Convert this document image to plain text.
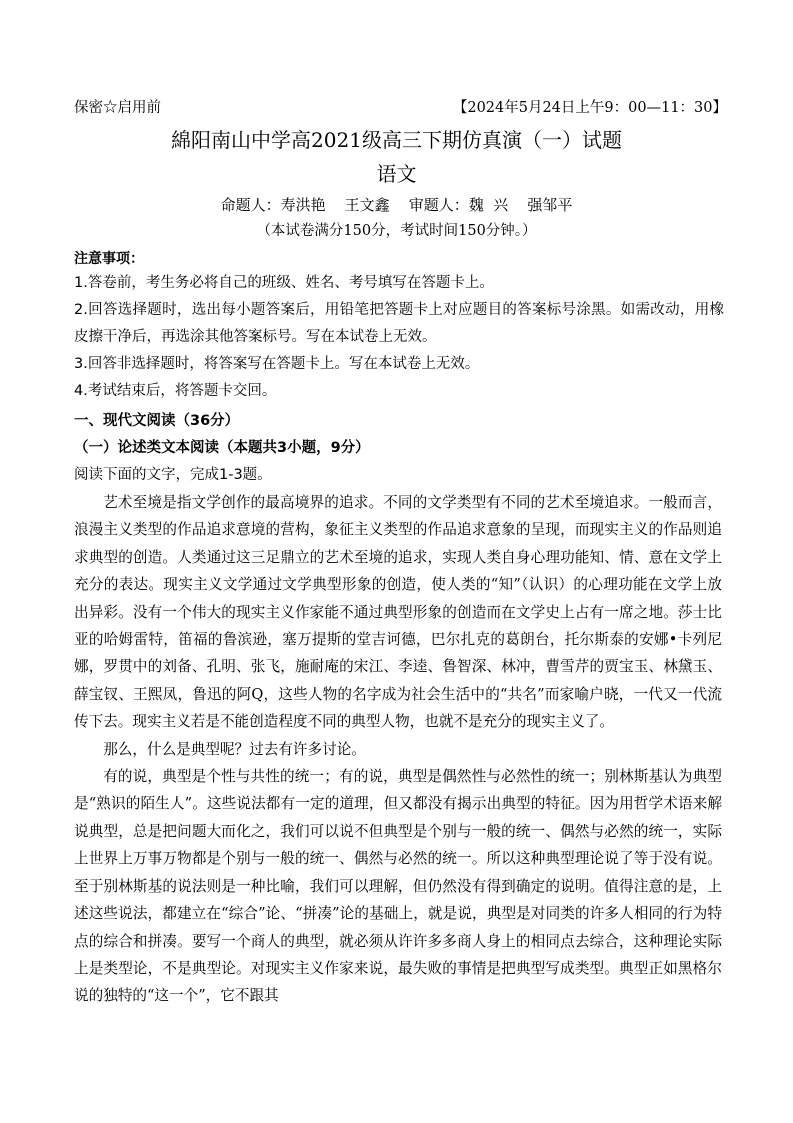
保密☆启用前	【2024年5月24日上午9：00—11：30】
綿阳南山中学高2021级高三下期仿真演（一）试题
语文
命题人：寿洪艳    王文鑫    审题人：魏  兴    强邹平
（本试卷满分150分，考试时间150分钟。）
注意事项：

1.答卷前，考生务必将自己的班级、姓名、考号填写在答题卡上。

2.回答选择题时，选出每小题答案后，用铅笔把答题卡上对应题目的答案标号涂黑。如需改动，用橡皮擦干净后，再选涂其他答案标号。写在本试卷上无效。

3.回答非选择题时，将答案写在答题卡上。写在本试卷上无效。

4.考试结束后，将答题卡交回。

一、现代文阅读（36分）
（一）论述类文本阅读（本题共3小题，9分）
阅读下面的文字，完成1-3题。

艺术至境是指文学创作的最高境界的追求。不同的文学类型有不同的艺术至境追求。一般而言，浪漫主义类型的作品追求意境的营构，象征主义类型的作品追求意象的呈现，而现实主义的作品则追求典型的创造。人类通过这三足鼎立的艺术至境的追求，实现人类自身心理功能知、情、意在文学上充分的表达。现实主义文学通过文学典型形象的创造，使人类的“知”（认识）的心理功能在文学上放出异彩。没有一个伟大的现实主义作家能不通过典型形象的创造而在文学史上占有一席之地。莎士比亚的哈姆雷特，笛福的鲁滨逊，塞万提斯的堂吉诃德，巴尔扎克的葛朗台，托尔斯泰的安娜•卡列尼娜，罗贯中的刘备、孔明、张飞，施耐庵的宋江、李逵、鲁智深、林冲，曹雪芹的贾宝玉、林黛玉、薛宝钗、王熙凤，鲁迅的阿Q，这些人物的名字成为社会生活中的“共名”而家喻户晓，一代又一代流传下去。现实主义若是不能创造程度不同的典型人物，也就不是充分的现实主义了。

那么，什么是典型呢？过去有许多讨论。

有的说，典型是个性与共性的统一；有的说，典型是偶然性与必然性的统一；别林斯基认为典型是“熟识的陌生人”。这些说法都有一定的道理，但又都没有揭示出典型的特征。因为用哲学术语来解说典型，总是把问题大而化之，我们可以说不但典型是个别与一般的统一、偶然与必然的统一，实际上世界上万事万物都是个别与一般的统一、偶然与必然的统一。所以这种典型理论说了等于没有说。至于别林斯基的说法则是一种比喻，我们可以理解，但仍然没有得到确定的说明。值得注意的是，上述这些说法，都建立在“综合”论、“拼凑”论的基础上，就是说，典型是对同类的许多人相同的行为特点的综合和拼凑。要写一个商人的典型，就必须从许许多多商人身上的相同点去综合，这种理论实际上是类型论，不是典型论。对现实主义作家来说，最失败的事情是把典型写成类型。典型正如黑格尔说的独特的“这一个”，它不跟其
